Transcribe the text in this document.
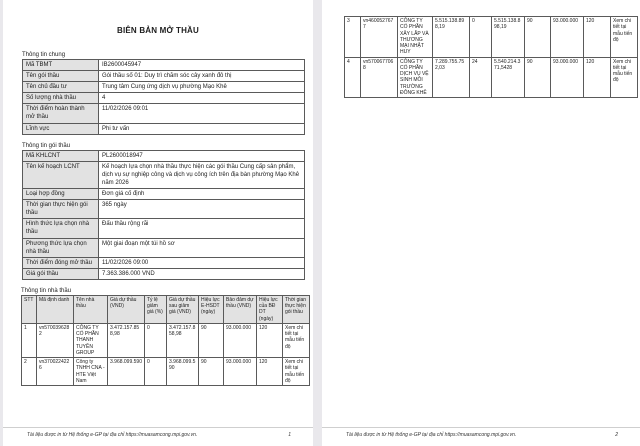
BIÊN BẢN MỞ THẦU
Thông tin chung
Mã TBMT	IB2600045947
Tên gói thầu	Gói thầu số 01: Duy trì chăm sóc cây xanh đô thị
Tên chủ đầu tư	Trung tâm Cung ứng dịch vụ phường Mạo Khê
Số lượng nhà thầu	4
Thời điểm hoàn thành mở thầu	11/02/2026 09:01
Lĩnh vực	Phi tư vấn
Thông tin gói thầu
Mã KHLCNT	PL2600018947
Tên kế hoạch LCNT	Kế hoạch lựa chọn nhà thầu thực hiện các gói thầu Cung cấp sản phẩm, dịch vụ sự nghiệp công và dịch vụ công ích trên địa bàn phường Mạo Khê năm 2026
Loại hợp đồng	Đơn giá cố định
Thời gian thực hiện gói thầu	365 ngày
Hình thức lựa chọn nhà thầu	Đấu thầu rộng rãi
Phương thức lựa chọn nhà thầu	Một giai đoạn một túi hồ sơ
Thời điểm đóng mở thầu	11/02/2026 09:00
Giá gói thầu	7.363.386.000 VND
Thông tin nhà thầu
STT	Mã định danh	Tên nhà thầu	Giá dự thầu (VND)	Tỷ lệ giảm giá (%)	Giá dự thầu sau giảm giá (VND)	Hiệu lực E-HSDT (ngày)	Bảo đảm dự thầu (VND)	Hiệu lực của BĐ DT (ngày)	Thời gian thực hiện gói thầu
1	vn5700396282	CÔNG TY CỔ PHẦN THANH TUYỀN GROUP	3.472.157.858,98	0	3.472.157.858,98	90	93.000.000	120	Xem chi tiết tại mẫu tiến độ
2	vn3700224226	Công ty TNHH CNA - HTE Việt Nam	3.968.099.590	0	3.968.099.590	90	93.000.000	120	Xem chi tiết tại mẫu tiến độ
Tài liệu được in từ Hệ thống e-GP tại địa chỉ https://muasamcong.mpi.gov.vn.	1
3	vn4600527677	CÔNG TY CỔ PHẦN XÂY LẮP VÀ THƯƠNG MẠI NHẬT HUY	5.515.138.898,19	0	5.515.138.898,19	90	93.000.000	120	Xem chi tiết tại mẫu tiến độ
4	vn5700677068	CÔNG TY CỔ PHẦN DỊCH VỤ VỆ SINH MÔI TRƯỜNG ĐÔNG KHÊ	7.289.755.752,03	24	5.540.214.371,5428	90	93.000.000	120	Xem chi tiết tại mẫu tiến độ
Tài liệu được in từ Hệ thống e-GP tại địa chỉ https://muasamcong.mpi.gov.vn.	2
